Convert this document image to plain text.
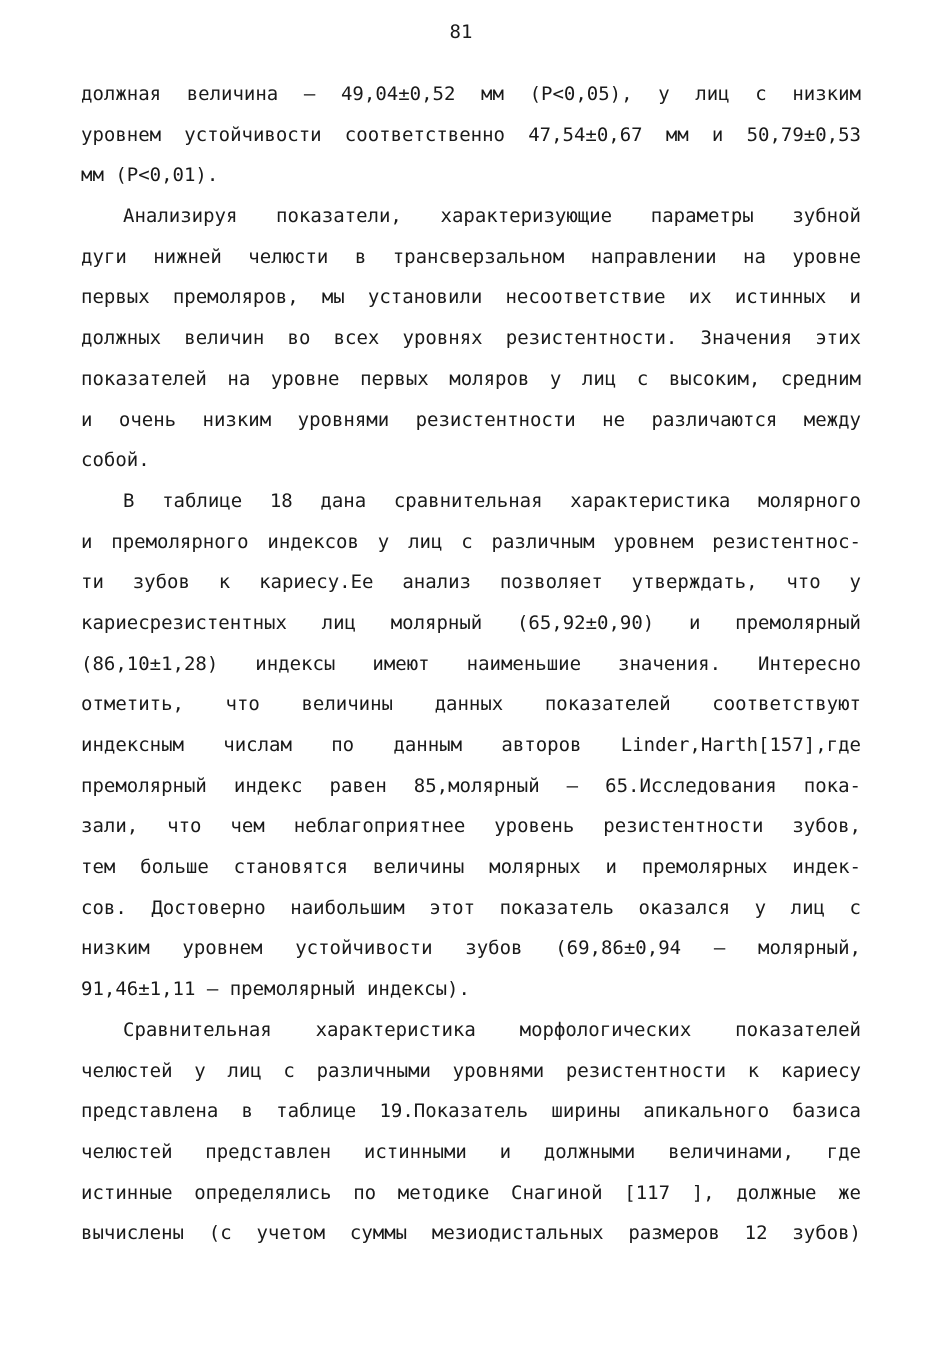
81
должная величина – 49,04±0,52 мм (Р<0,05), у лиц с низким
уровнем устойчивости соответственно 47,54±0,67 мм и 50,79±0,53
мм (Р<0,01).
Анализируя показатели, характеризующие параметры зубной
дуги нижней челюсти в трансверзальном направлении на уровне
первых премоляров, мы установили несоответствие их истинных и
должных величин во всех уровнях резистентности. Значения этих
показателей на уровне первых моляров у лиц с высоким, средним
и очень низким уровнями резистентности не различаются между
собой.
В таблице 18 дана сравнительная характеристика молярного
и премолярного индексов у лиц с различным уровнем резистентнос-
ти зубов к кариесу.Ее анализ позволяет утверждать, что у
кариесрезистентных лиц молярный (65,92±0,90) и премолярный
(86,10±1,28) индексы имеют наименьшие значения. Интересно
отметить, что величины данных показателей соответствуют
индексным числам по данным авторов Linder,Harth[157],где
премолярный индекс равен 85,молярный – 65.Исследования пока-
зали, что чем неблагоприятнее уровень резистентности зубов,
тем больше становятся величины молярных и премолярных индек-
сов. Достоверно наибольшим этот показатель оказался у лиц с
низким уровнем устойчивости зубов (69,86±0,94 – молярный,
91,46±1,11 – премолярный индексы).
Сравнительная характеристика морфологических показателей
челюстей у лиц с различными уровнями резистентности к кариесу
представлена в таблице 19.Показатель ширины апикального базиса
челюстей представлен истинными и должными величинами, где
истинные определялись по методике Снагиной [117 ], должные же
вычислены (с учетом суммы мезиодистальных размеров 12 зубов)
